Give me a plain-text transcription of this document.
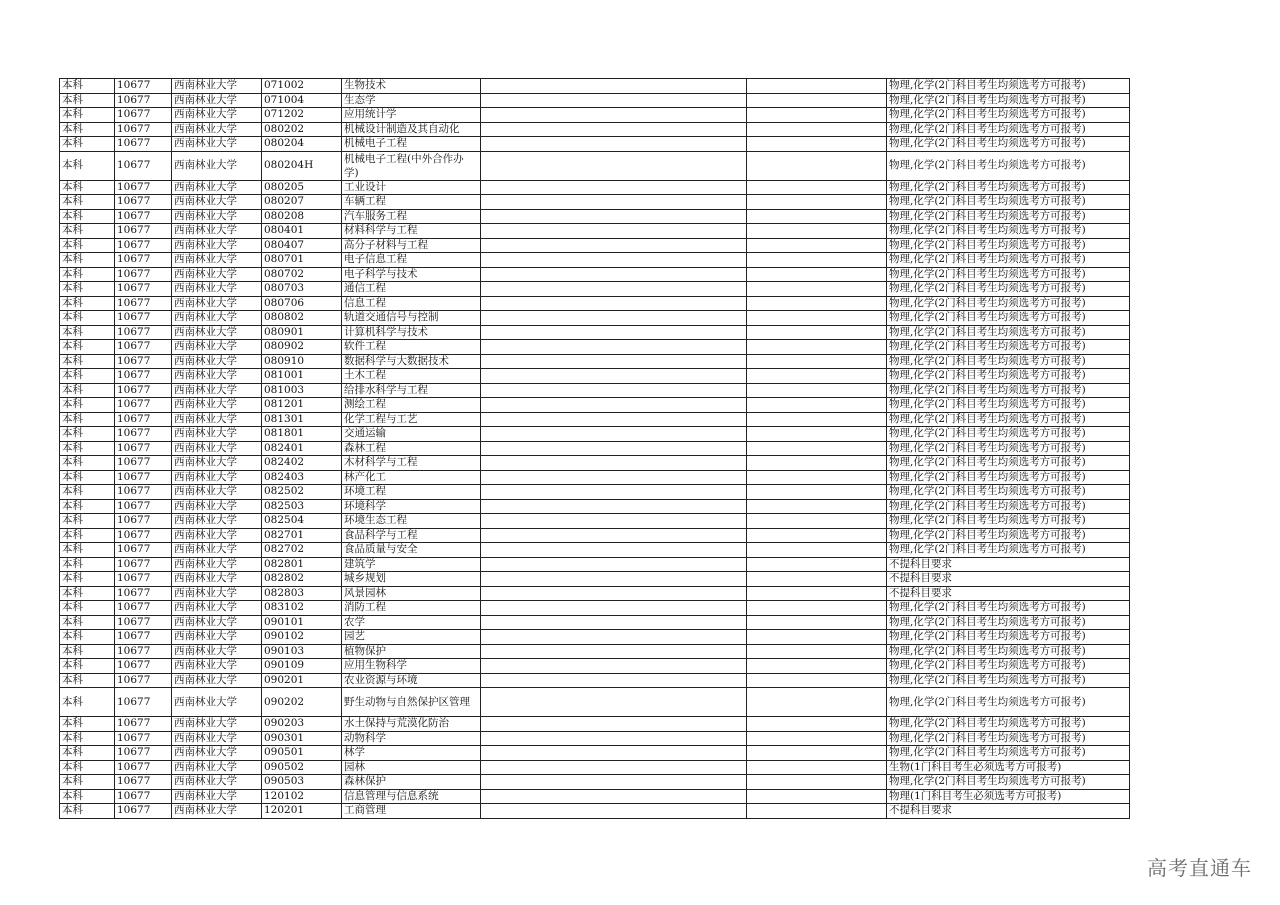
本科	10677	西南林业大学	071002	生物技术			物理,化学(2门科目考生均须选考方可报考)
本科	10677	西南林业大学	071004	生态学			物理,化学(2门科目考生均须选考方可报考)
本科	10677	西南林业大学	071202	应用统计学			物理,化学(2门科目考生均须选考方可报考)
本科	10677	西南林业大学	080202	机械设计制造及其自动化			物理,化学(2门科目考生均须选考方可报考)
本科	10677	西南林业大学	080204	机械电子工程			物理,化学(2门科目考生均须选考方可报考)
本科	10677	西南林业大学	080204H	机械电子工程(中外合作办学)			物理,化学(2门科目考生均须选考方可报考)
本科	10677	西南林业大学	080205	工业设计			物理,化学(2门科目考生均须选考方可报考)
本科	10677	西南林业大学	080207	车辆工程			物理,化学(2门科目考生均须选考方可报考)
本科	10677	西南林业大学	080208	汽车服务工程			物理,化学(2门科目考生均须选考方可报考)
本科	10677	西南林业大学	080401	材料科学与工程			物理,化学(2门科目考生均须选考方可报考)
本科	10677	西南林业大学	080407	高分子材料与工程			物理,化学(2门科目考生均须选考方可报考)
本科	10677	西南林业大学	080701	电子信息工程			物理,化学(2门科目考生均须选考方可报考)
本科	10677	西南林业大学	080702	电子科学与技术			物理,化学(2门科目考生均须选考方可报考)
本科	10677	西南林业大学	080703	通信工程			物理,化学(2门科目考生均须选考方可报考)
本科	10677	西南林业大学	080706	信息工程			物理,化学(2门科目考生均须选考方可报考)
本科	10677	西南林业大学	080802	轨道交通信号与控制			物理,化学(2门科目考生均须选考方可报考)
本科	10677	西南林业大学	080901	计算机科学与技术			物理,化学(2门科目考生均须选考方可报考)
本科	10677	西南林业大学	080902	软件工程			物理,化学(2门科目考生均须选考方可报考)
本科	10677	西南林业大学	080910	数据科学与大数据技术			物理,化学(2门科目考生均须选考方可报考)
本科	10677	西南林业大学	081001	土木工程			物理,化学(2门科目考生均须选考方可报考)
本科	10677	西南林业大学	081003	给排水科学与工程			物理,化学(2门科目考生均须选考方可报考)
本科	10677	西南林业大学	081201	测绘工程			物理,化学(2门科目考生均须选考方可报考)
本科	10677	西南林业大学	081301	化学工程与工艺			物理,化学(2门科目考生均须选考方可报考)
本科	10677	西南林业大学	081801	交通运输			物理,化学(2门科目考生均须选考方可报考)
本科	10677	西南林业大学	082401	森林工程			物理,化学(2门科目考生均须选考方可报考)
本科	10677	西南林业大学	082402	木材科学与工程			物理,化学(2门科目考生均须选考方可报考)
本科	10677	西南林业大学	082403	林产化工			物理,化学(2门科目考生均须选考方可报考)
本科	10677	西南林业大学	082502	环境工程			物理,化学(2门科目考生均须选考方可报考)
本科	10677	西南林业大学	082503	环境科学			物理,化学(2门科目考生均须选考方可报考)
本科	10677	西南林业大学	082504	环境生态工程			物理,化学(2门科目考生均须选考方可报考)
本科	10677	西南林业大学	082701	食品科学与工程			物理,化学(2门科目考生均须选考方可报考)
本科	10677	西南林业大学	082702	食品质量与安全			物理,化学(2门科目考生均须选考方可报考)
本科	10677	西南林业大学	082801	建筑学			不提科目要求
本科	10677	西南林业大学	082802	城乡规划			不提科目要求
本科	10677	西南林业大学	082803	风景园林			不提科目要求
本科	10677	西南林业大学	083102	消防工程			物理,化学(2门科目考生均须选考方可报考)
本科	10677	西南林业大学	090101	农学			物理,化学(2门科目考生均须选考方可报考)
本科	10677	西南林业大学	090102	园艺			物理,化学(2门科目考生均须选考方可报考)
本科	10677	西南林业大学	090103	植物保护			物理,化学(2门科目考生均须选考方可报考)
本科	10677	西南林业大学	090109	应用生物科学			物理,化学(2门科目考生均须选考方可报考)
本科	10677	西南林业大学	090201	农业资源与环境			物理,化学(2门科目考生均须选考方可报考)
本科	10677	西南林业大学	090202	野生动物与自然保护区管理			物理,化学(2门科目考生均须选考方可报考)
本科	10677	西南林业大学	090203	水土保持与荒漠化防治			物理,化学(2门科目考生均须选考方可报考)
本科	10677	西南林业大学	090301	动物科学			物理,化学(2门科目考生均须选考方可报考)
本科	10677	西南林业大学	090501	林学			物理,化学(2门科目考生均须选考方可报考)
本科	10677	西南林业大学	090502	园林			生物(1门科目考生必须选考方可报考)
本科	10677	西南林业大学	090503	森林保护			物理,化学(2门科目考生均须选考方可报考)
本科	10677	西南林业大学	120102	信息管理与信息系统			物理(1门科目考生必须选考方可报考)
本科	10677	西南林业大学	120201	工商管理			不提科目要求
高考直通车
